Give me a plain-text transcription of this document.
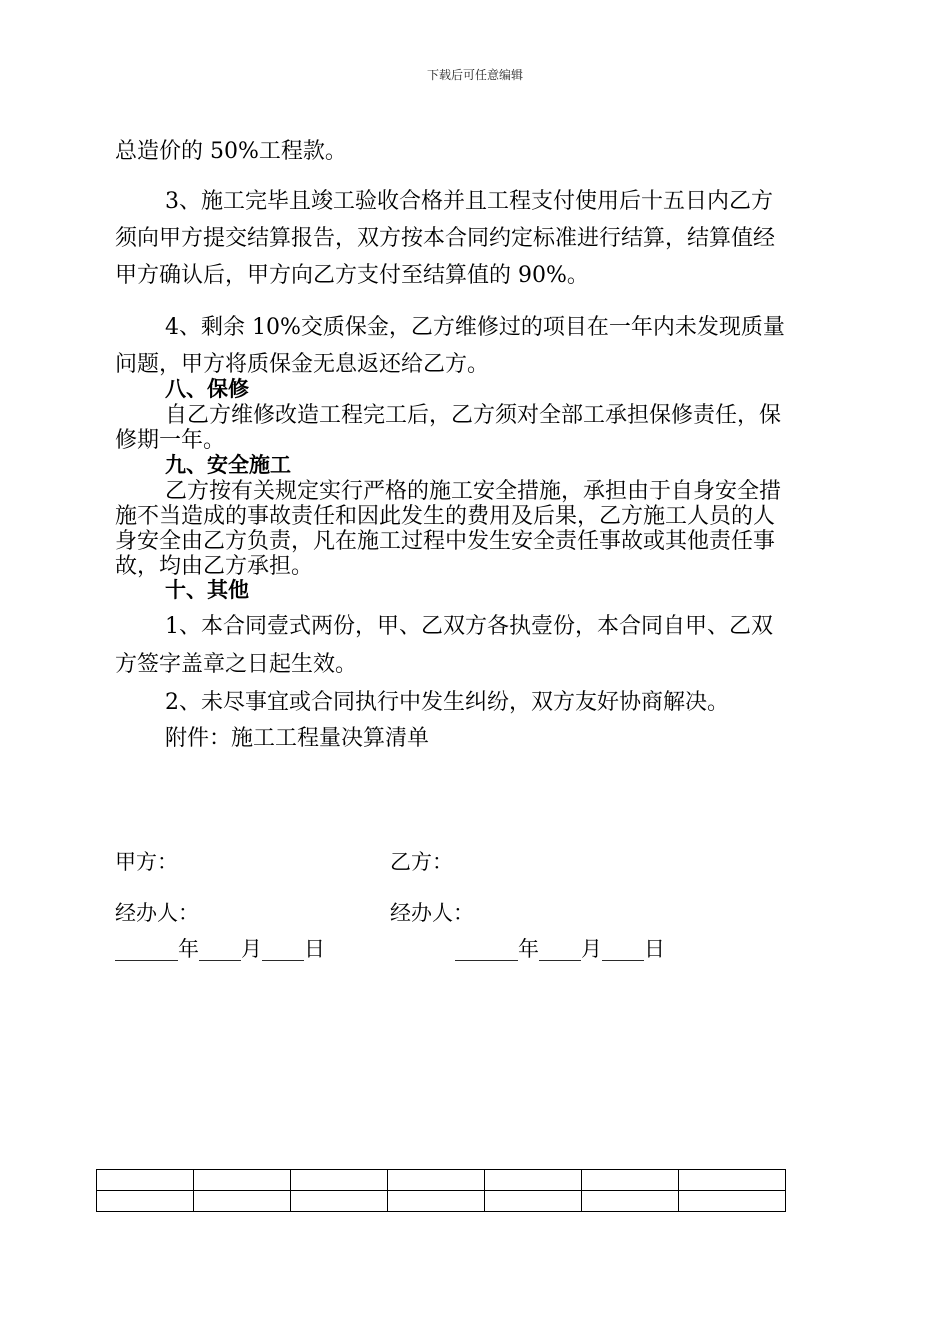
下载后可任意编辑
总造价的 50%工程款。
3、施工完毕且竣工验收合格并且工程支付使用后十五日内乙方
须向甲方提交结算报告，双方按本合同约定标准进行结算，结算值经
甲方确认后，甲方向乙方支付至结算值的 90%。
4、剩余 10%交质保金，乙方维修过的项目在一年内未发现质量
问题，甲方将质保金无息返还给乙方。
八、保修
自乙方维修改造工程完工后，乙方须对全部工承担保修责任，保
修期一年。
九、安全施工
乙方按有关规定实行严格的施工安全措施，承担由于自身安全措
施不当造成的事故责任和因此发生的费用及后果，乙方施工人员的人
身安全由乙方负责，凡在施工过程中发生安全责任事故或其他责任事
故，均由乙方承担。
十、其他
1、本合同壹式两份，甲、乙双方各执壹份，本合同自甲、乙双
方签字盖章之日起生效。
2、未尽事宜或合同执行中发生纠纷，双方友好协商解决。
附件：施工工程量决算清单
甲方：	乙方：
经办人：	经办人：
______年____月____日	______年____月____日
